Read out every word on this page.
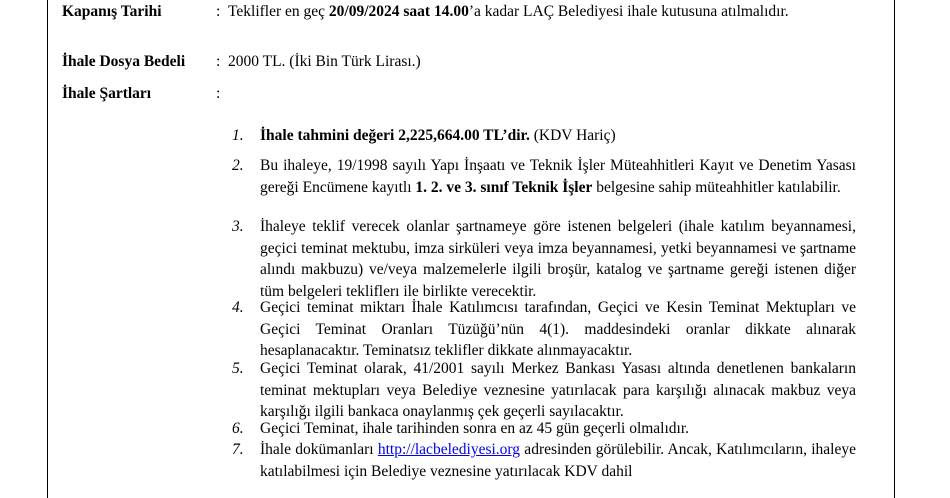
Kapanış Tarihi	: Teklifler en geç 20/09/2024 saat 14.00’a kadar LAÇ Belediyesi ihale kutusuna atılmalıdır.
İhale Dosya Bedeli : 2000 TL. (İki Bin Türk Lirası.)
İhale Şartları	:
1. İhale tahmini değeri 2,225,664.00 TL’dir. (KDV Hariç)
2. Bu ihaleye, 19/1998 sayılı Yapı İnşaatı ve Teknik İşler Müteahhitleri Kayıt ve Denetim Yasası gereği Encümene kayıtlı 1. 2. ve 3. sınıf Teknik İşler belgesine sahip müteahhitler katılabilir.
3. İhaleye teklif verecek olanlar şartnameye göre istenen belgeleri (ihale katılım beyannamesi, geçici teminat mektubu, imza sirküleri veya imza beyannamesi, yetki beyannamesi ve şartname alındı makbuzu) ve/veya malzemelerle ilgili broşür, katalog ve şartname gereği istenen diğer tüm belgeleri tekliflerı ile birlikte verecektir.
4. Geçici teminat miktarı İhale Katılımcısı tarafından, Geçici ve Kesin Teminat Mektupları ve Geçici Teminat Oranları Tüzüğü’nün 4(1). maddesindeki oranlar dikkate alınarak hesaplanacaktır. Teminatsız teklifler dikkate alınmayacaktır.
5. Geçici Teminat olarak, 41/2001 sayılı Merkez Bankası Yasası altında denetlenen bankaların teminat mektupları veya Belediye veznesine yatırılacak para karşılığı alınacak makbuz veya karşılığı ilgili bankaca onaylanmış çek geçerli sayılacaktır.
6. Geçici Teminat, ihale tarihinden sonra en az 45 gün geçerli olmalıdır.
7. İhale dokümanları http://lacbelediyesi.org adresinden görülebilir. Ancak, Katılımcıların, ihaleye katılabilmesi için Belediye veznesine yatırılacak KDV dahil
